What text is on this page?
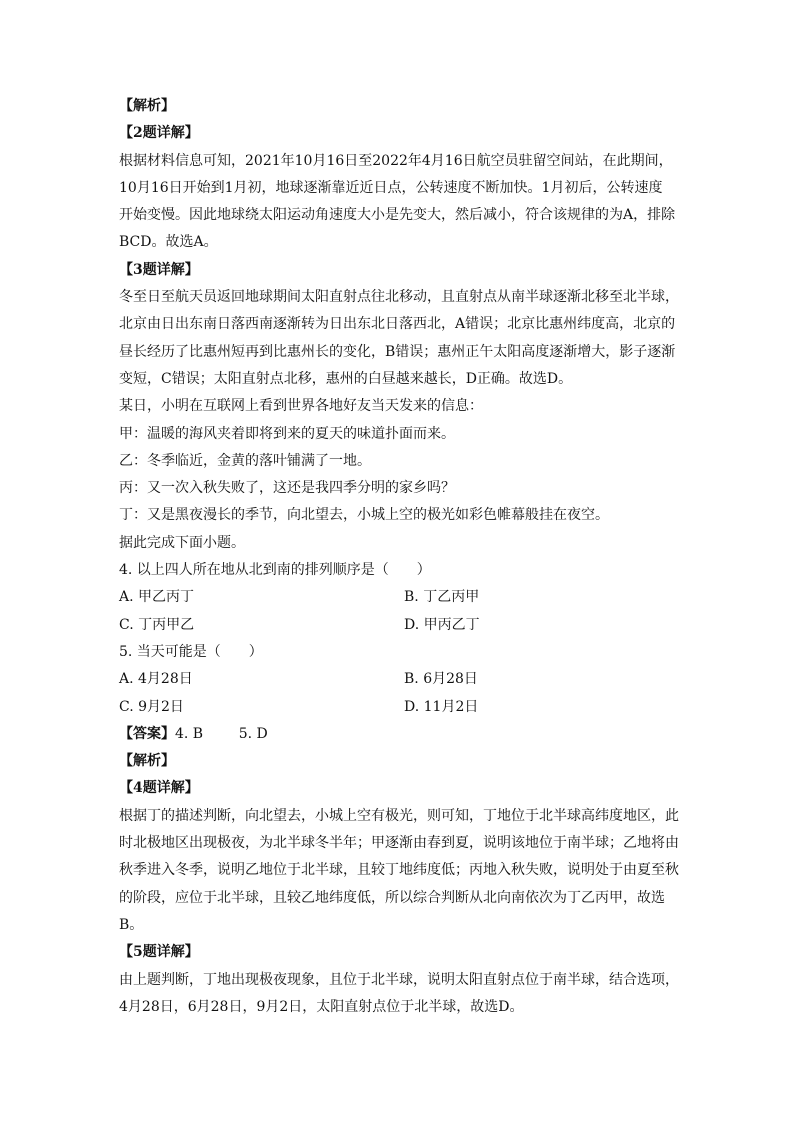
【解析】
【2题详解】
根据材料信息可知，2021年10月16日至2022年4月16日航空员驻留空间站，在此期间，
10月16日开始到1月初，地球逐渐靠近近日点，公转速度不断加快。1月初后，公转速度
开始变慢。因此地球绕太阳运动角速度大小是先变大，然后减小，符合该规律的为A，排除
BCD。故选A。
【3题详解】
冬至日至航天员返回地球期间太阳直射点往北移动，且直射点从南半球逐渐北移至北半球，
北京由日出东南日落西南逐渐转为日出东北日落西北，A错误；北京比惠州纬度高，北京的
昼长经历了比惠州短再到比惠州长的变化，B错误；惠州正午太阳高度逐渐增大，影子逐渐
变短，C错误；太阳直射点北移，惠州的白昼越来越长，D正确。故选D。
某日，小明在互联网上看到世界各地好友当天发来的信息：
甲：温暖的海风夹着即将到来的夏天的味道扑面而来。
乙：冬季临近，金黄的落叶铺满了一地。
丙：又一次入秋失败了，这还是我四季分明的家乡吗？
丁：又是黑夜漫长的季节，向北望去，小城上空的极光如彩色帷幕般挂在夜空。
据此完成下面小题。
4. 以上四人所在地从北到南的排列顺序是（　　）
A. 甲乙丙丁	B. 丁乙丙甲
C. 丁丙甲乙	D. 甲丙乙丁
5. 当天可能是（　　）
A. 4月28日	B. 6月28日
C. 9月2日	D. 11月2日
【答案】4. B	5. D
【解析】
【4题详解】
根据丁的描述判断，向北望去，小城上空有极光，则可知，丁地位于北半球高纬度地区，此
时北极地区出现极夜，为北半球冬半年；甲逐渐由春到夏，说明该地位于南半球；乙地将由
秋季进入冬季，说明乙地位于北半球，且较丁地纬度低；丙地入秋失败，说明处于由夏至秋
的阶段，应位于北半球，且较乙地纬度低，所以综合判断从北向南依次为丁乙丙甲，故选
B。
【5题详解】
由上题判断，丁地出现极夜现象，且位于北半球，说明太阳直射点位于南半球，结合选项，
4月28日，6月28日，9月2日，太阳直射点位于北半球，故选D。
